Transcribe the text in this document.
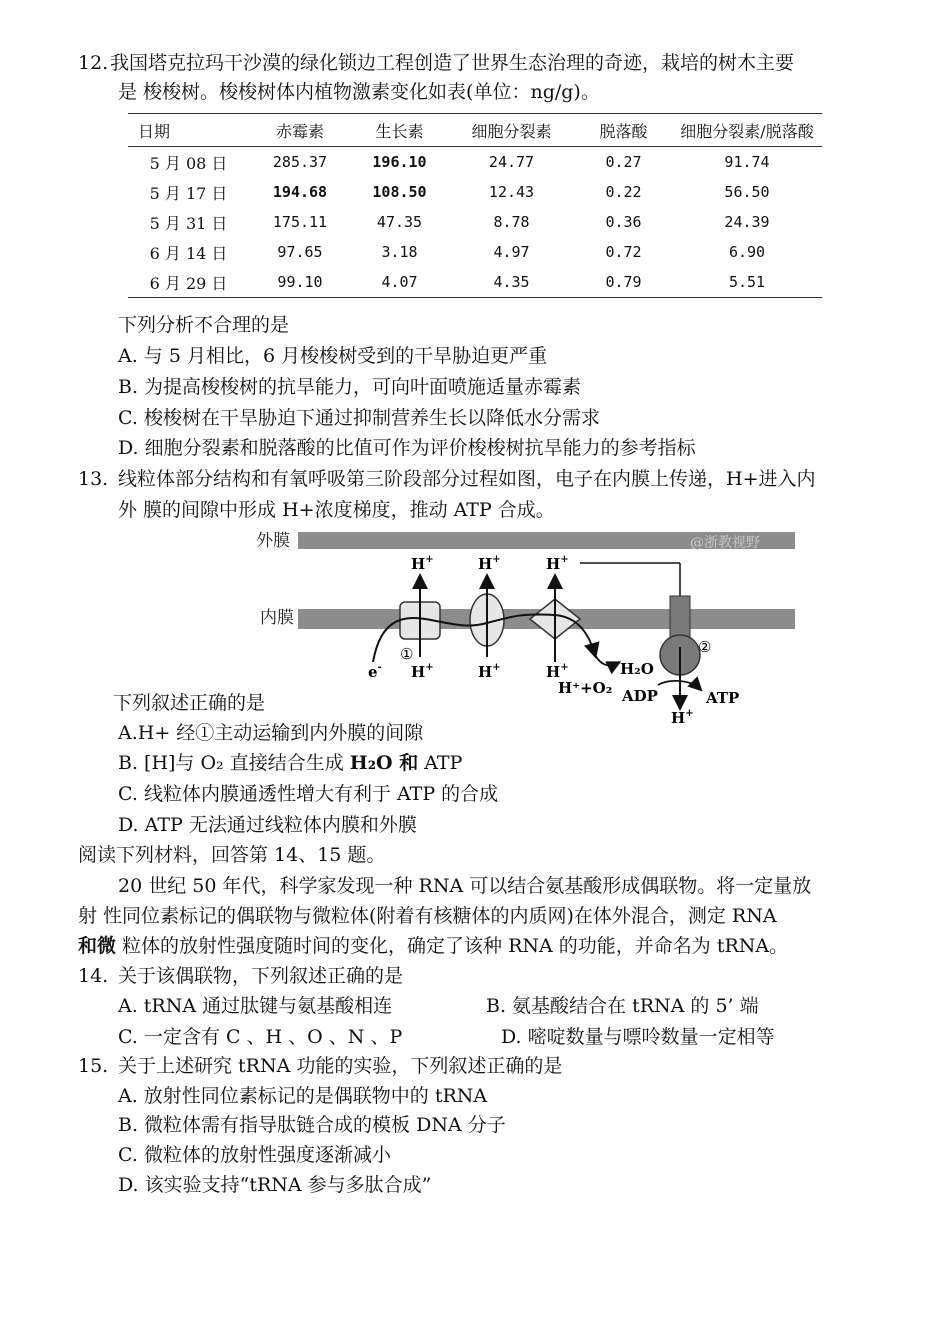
12. 我国塔克拉玛干沙漠的绿化锁边工程创造了世界生态治理的奇迹，栽培的树木主要
是 梭梭树。梭梭树体内植物激素变化如表(单位：ng/g)。
日期	赤霉素	生长素	细胞分裂素	脱落酸	细胞分裂素/脱落酸
5 月 08 日	285.37	196.10	24.77	0.27	91.74
5 月 17 日	194.68	108.50	12.43	0.22	56.50
5 月 31 日	175.11	47.35	8.78	0.36	24.39
6 月 14 日	97.65	3.18	4.97	0.72	6.90
6 月 29 日	99.10	4.07	4.35	0.79	5.51
下列分析不合理的是
A. 与 5 月相比，6 月梭梭树受到的干旱胁迫更严重
B. 为提高梭梭树的抗旱能力，可向叶面喷施适量赤霉素
C. 梭梭树在干旱胁迫下通过抑制营养生长以降低水分需求
D. 细胞分裂素和脱落酸的比值可作为评价梭梭树抗旱能力的参考指标
13. 线粒体部分结构和有氧呼吸第三阶段部分过程如图，电子在内膜上传递，H+进入内
外 膜的间隙中形成 H+浓度梯度，推动 ATP 合成。
外膜
内膜
@浙教视野
H+	H+	H+
H+	H+	H+
H+
e-
①	②
H₂O
H⁺+O₂ ADP	ATP
下列叙述正确的是
A.H+ 经①主动运输到内外膜的间隙
B. [H]与 O₂ 直接结合生成 H₂O 和 ATP
C. 线粒体内膜通透性增大有利于 ATP 的合成
D. ATP 无法通过线粒体内膜和外膜
阅读下列材料，回答第 14、15 题。
20 世纪 50 年代，科学家发现一种 RNA 可以结合氨基酸形成偶联物。将一定量放
射 性同位素标记的偶联物与微粒体(附着有核糖体的内质网)在体外混合，测定 RNA
和微 粒体的放射性强度随时间的变化，确定了该种 RNA 的功能，并命名为 tRNA。
14. 关于该偶联物，下列叙述正确的是
A. tRNA 通过肽键与氨基酸相连	B. 氨基酸结合在 tRNA 的 5’ 端
C. 一定含有 C 、H 、O 、N 、P	D. 嘧啶数量与嘌呤数量一定相等
15. 关于上述研究 tRNA 功能的实验，下列叙述正确的是
A. 放射性同位素标记的是偶联物中的 tRNA
B. 微粒体需有指导肽链合成的模板 DNA 分子
C. 微粒体的放射性强度逐渐减小
D. 该实验支持“tRNA 参与多肽合成”
